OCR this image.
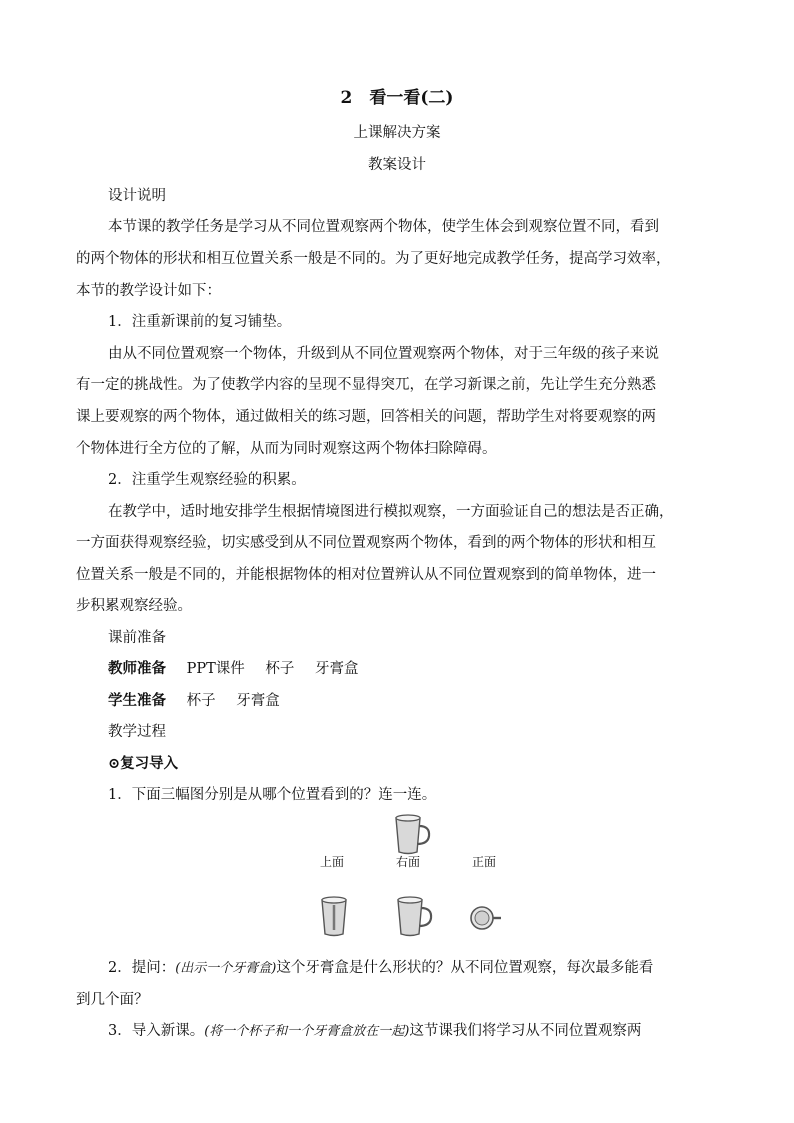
2　看一看(二)
上课解决方案
教案设计
设计说明
本节课的教学任务是学习从不同位置观察两个物体，使学生体会到观察位置不同，看到
的两个物体的形状和相互位置关系一般是不同的。为了更好地完成教学任务，提高学习效率，
本节的教学设计如下：
1．注重新课前的复习铺垫。
由从不同位置观察一个物体，升级到从不同位置观察两个物体，对于三年级的孩子来说
有一定的挑战性。为了使教学内容的呈现不显得突兀，在学习新课之前，先让学生充分熟悉
课上要观察的两个物体，通过做相关的练习题，回答相关的问题，帮助学生对将要观察的两
个物体进行全方位的了解，从而为同时观察这两个物体扫除障碍。
2．注重学生观察经验的积累。
在教学中，适时地安排学生根据情境图进行模拟观察，一方面验证自己的想法是否正确，
一方面获得观察经验，切实感受到从不同位置观察两个物体，看到的两个物体的形状和相互
位置关系一般是不同的，并能根据物体的相对位置辨认从不同位置观察到的简单物体，进一
步积累观察经验。
课前准备
教师准备 PPT课件 杯子 牙膏盒
学生准备 杯子 牙膏盒
教学过程
⊙复习导入
1．下面三幅图分别是从哪个位置看到的？连一连。
上面	右面	正面
2．提问：(出示一个牙膏盒)这个牙膏盒是什么形状的？从不同位置观察，每次最多能看
到几个面？
3．导入新课。(将一个杯子和一个牙膏盒放在一起)这节课我们将学习从不同位置观察两
